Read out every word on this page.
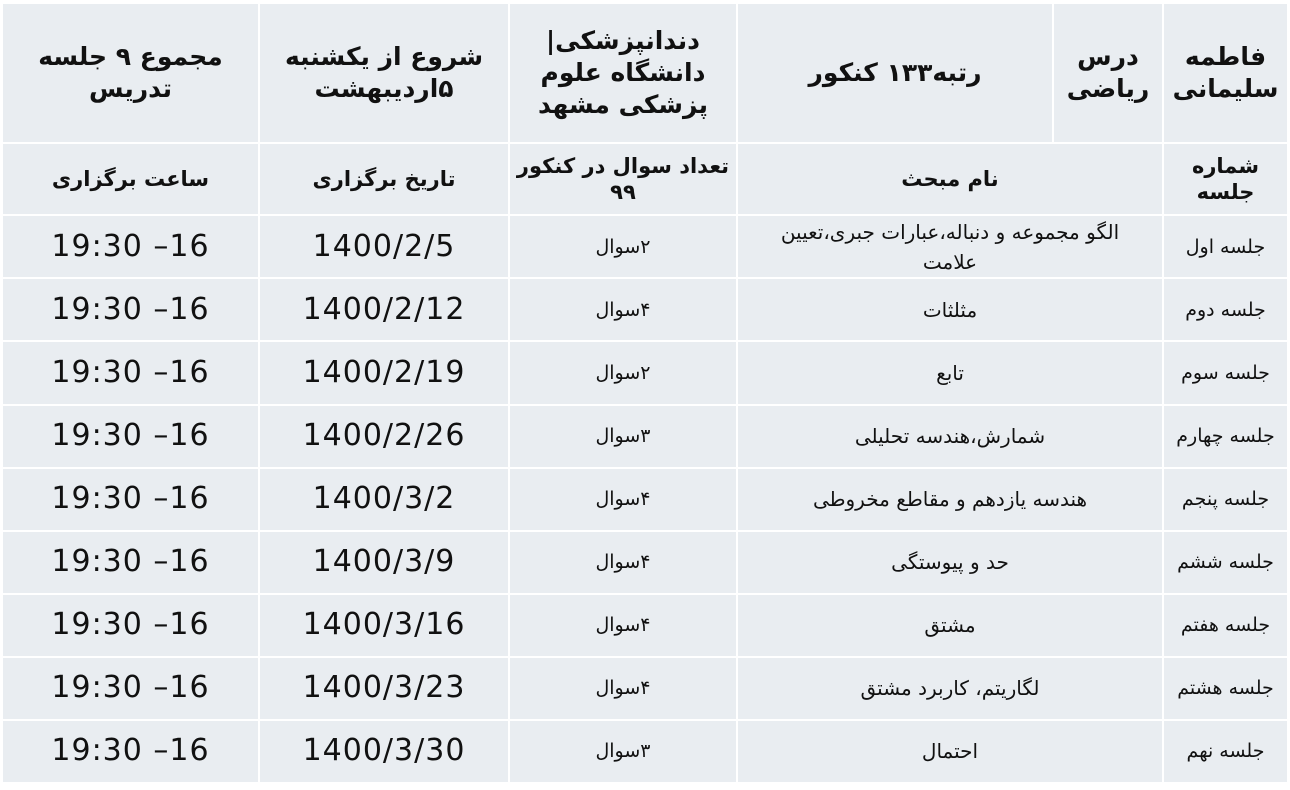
فاطمه سلیمانی	درس ریاضی	رتبه۱۳۳ کنکور	دندانپزشکی| دانشگاه علوم پزشکی مشهد	شروع از یکشنبه ۵اردیبهشت	مجموع ۹ جلسه تدریس
شماره جلسه	نام مبحث		تعداد سوال در کنکور ۹۹	تاریخ برگزاری	ساعت برگزاری
جلسه اول	الگو مجموعه و دنباله،عبارات جبری،تعیین علامت		۲سوال	1400/2/5	16– 19:30
جلسه دوم	مثلثات		۴سوال	1400/2/12	16– 19:30
جلسه سوم	تابع		۲سوال	1400/2/19	16– 19:30
جلسه چهارم	شمارش،هندسه تحلیلی		۳سوال	1400/2/26	16– 19:30
جلسه پنجم	هندسه یازدهم و مقاطع مخروطی		۴سوال	1400/3/2	16– 19:30
جلسه ششم	حد و پیوستگی		۴سوال	1400/3/9	16– 19:30
جلسه هفتم	مشتق		۴سوال	1400/3/16	16– 19:30
جلسه هشتم	لگاریتم، کاربرد مشتق		۴سوال	1400/3/23	16– 19:30
جلسه نهم	احتمال		۳سوال	1400/3/30	16– 19:30
